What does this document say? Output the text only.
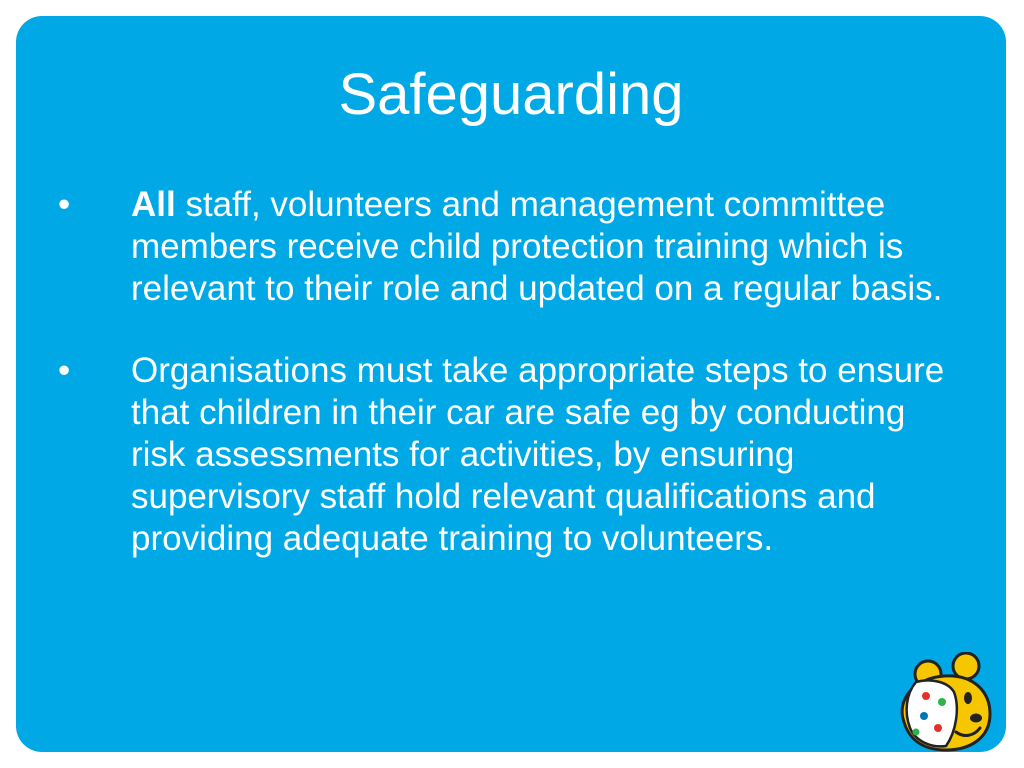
Safeguarding
•	All staff, volunteers and management committee members receive child protection training which is relevant to their role and updated on a regular basis.
•	Organisations must take appropriate steps to ensure that children in their car are safe eg by conducting risk assessments for activities, by ensuring supervisory staff hold relevant qualifications and providing adequate training to volunteers.
